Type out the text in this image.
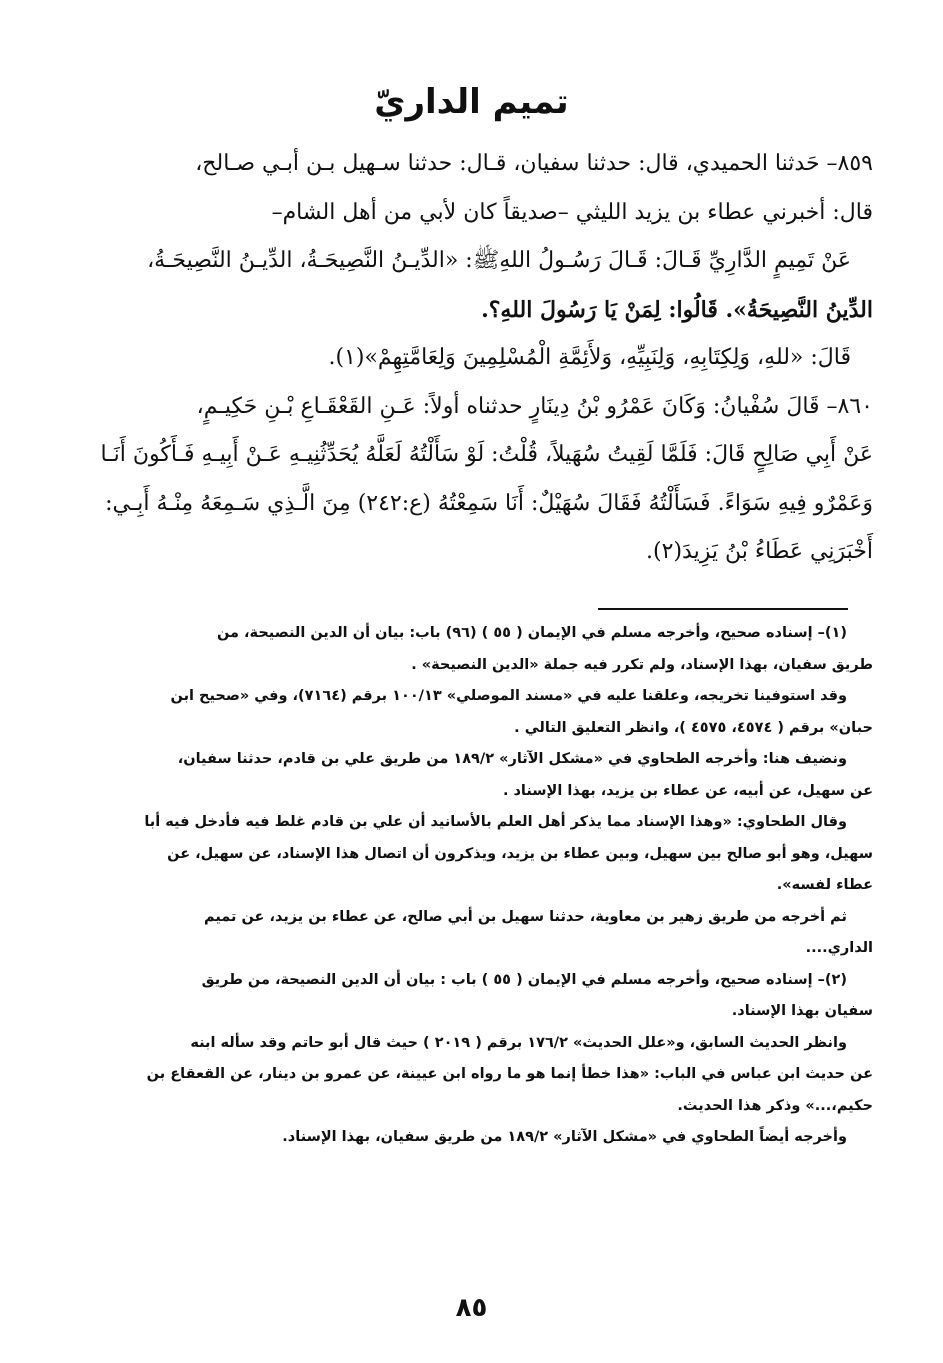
تميم الداريّ

٨٥٩– حَدثنا الحميدي، قال: حدثنا سفيان، قـال: حدثنا سـهيل بـن أبـي صـالح،

قال: أخبرني عطاء بن يزيد الليثي –صديقاً كان لأبي من أهل الشام–

عَنْ تَمِيمٍ الدَّارِيِّ قَـالَ: قَـالَ رَسُـولُ اللهِﷺ: «الدِّيـنُ النَّصِيحَـةُ، الدِّيـنُ النَّصِيحَـةُ،

الدِّينُ النَّصِيحَةُ». قَالُوا: لِمَنْ يَا رَسُولَ اللهِ؟.

قَالَ: «للهِ، وَلِكِتَابِهِ، وَلِنَبِيِّهِ، وَلأَئِمَّةِ الْمُسْلِمِينَ وَلِعَامَّتِهِمْ»(١).

٨٦٠– قَالَ سُفْيانُ: وَكَانَ عَمْرُو بْنُ دِينَارٍ حدثناه أولاً: عَـنِ القَعْقَـاعِ بْـنِ حَكِيـمٍ،

عَنْ أَبِي صَالِحٍ قَالَ: فَلَمَّا لَقِيتُ سُهَيلاً، قُلْتُ: لَوْ سَأَلْتُهُ لَعَلَّهُ يُحَدِّثُنِيـهِ عَـنْ أَبِيـهِ فَـأَكُونَ أَنَـا

وَعَمْرٌو فِيهِ سَوَاءً. فَسَأَلْتُهُ فَقَالَ سُهَيْلٌ: أَنَا سَمِعْتُهُ (ع:٢٤٢) مِنَ الَّـذِي سَـمِعَهُ مِنْـهُ أَبِـي:

أَخْبَرَنِي عَطَاءُ بْنُ يَزِيدَ(٢).

(١)– إسناده صحيح، وأخرجه مسلم في الإيمان ( ٥٥ ) (٩٦) باب: بيان أن الدين النصيحة، من

طريق سفيان، بهذا الإسناد، ولم تكرر فيه جملة «الدين النصيحة» .

وقد استوفينا تخريجه، وعلقنا عليه في «مسند الموصلي» ١٠٠/١٣ برقم (٧١٦٤)، وفي «صحيح ابن

حبان» برقم ( ٤٥٧٤، ٤٥٧٥ )، وانظر التعليق التالي .

ونضيف هنا: وأخرجه الطحاوي في «مشكل الآثار» ١٨٩/٢ من طريق علي بن قادم، حدثنا سفيان،

عن سهيل، عن أبيه، عن عطاء بن يزيد، بهذا الإسناد .

وقال الطحاوي: «وهذا الإسناد مما يذكر أهل العلم بالأسانيد أن علي بن قادم غلط فيه فأدخل فيه أبا

سهيل، وهو أبو صالح بين سهيل، وبين عطاء بن يزيد، ويذكرون أن اتصال هذا الإسناد، عن سهيل، عن

عطاء لفسه».

ثم أخرجه من طريق زهير بن معاوية، حدثنا سهيل بن أبي صالح، عن عطاء بن يزيد، عن تميم

الداري....

(٢)– إسناده صحيح، وأخرجه مسلم في الإيمان ( ٥٥ ) باب : بيان أن الدين النصيحة، من طريق

سفيان بهذا الإسناد.

وانظر الحديث السابق، و«علل الحديث» ١٧٦/٢ برقم ( ٢٠١٩ ) حيث قال أبو حاتم وقد سأله ابنه

عن حديث ابن عباس في الباب: «هذا خطأ إنما هو ما رواه ابن عيينة، عن عمرو بن دينار، عن القعقاع بن

حكيم،...» وذكر هذا الحديث.

وأخرجه أيضاً الطحاوي في «مشكل الآثار» ١٨٩/٢ من طريق سفيان، بهذا الإسناد.

٨٥
